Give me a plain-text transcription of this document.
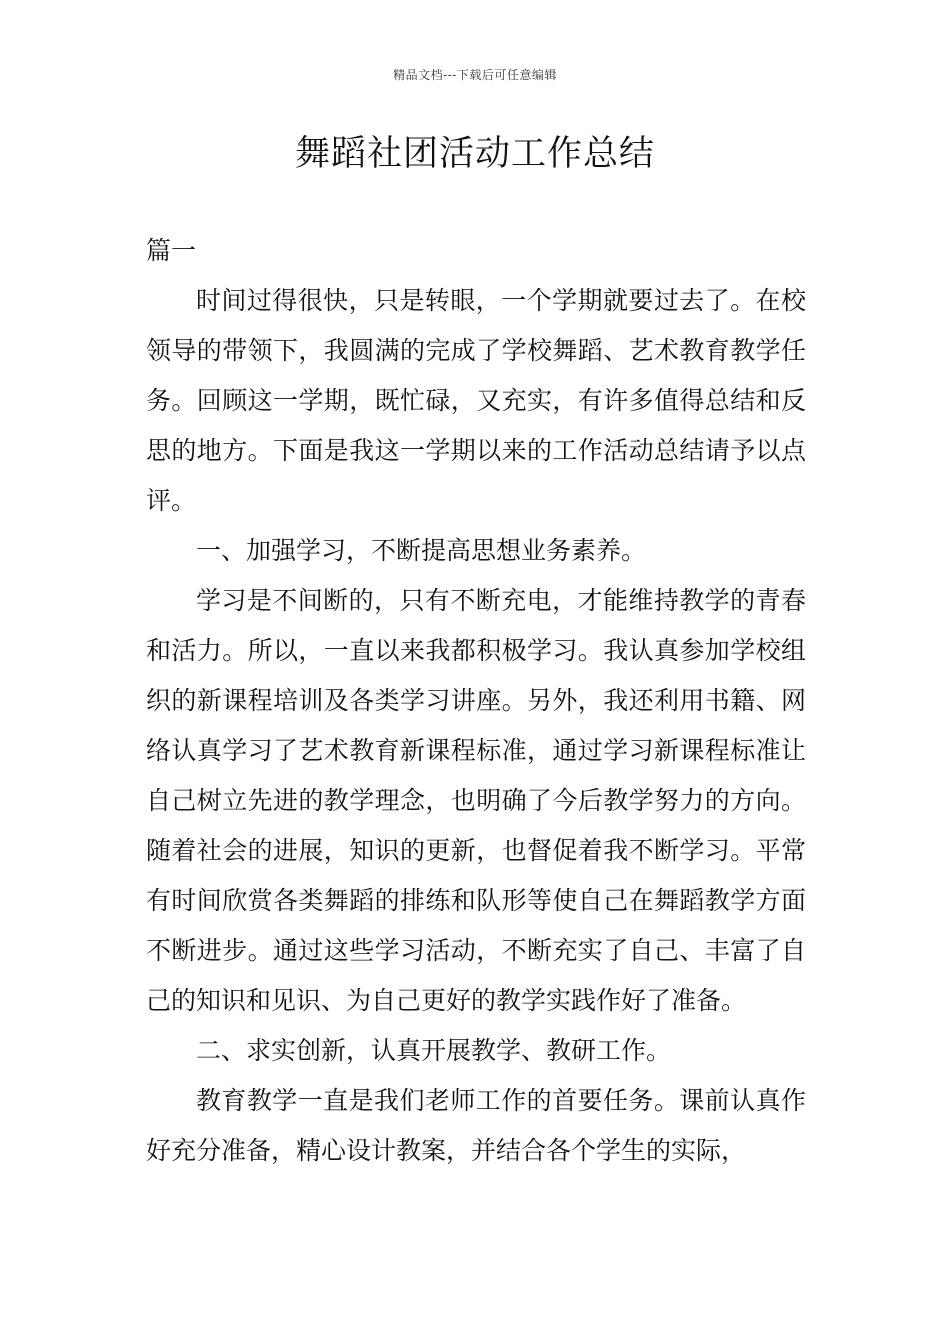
精品文档---下载后可任意编辑
舞蹈社团活动工作总结

篇一

时间过得很快，只是转眼，一个学期就要过去了。在校领导的带领下，我圆满的完成了学校舞蹈、艺术教育教学任务。回顾这一学期，既忙碌，又充实，有许多值得总结和反思的地方。下面是我这一学期以来的工作活动总结请予以点评。

一、加强学习，不断提高思想业务素养。

学习是不间断的，只有不断充电，才能维持教学的青春和活力。所以，一直以来我都积极学习。我认真参加学校组织的新课程培训及各类学习讲座。另外，我还利用书籍、网络认真学习了艺术教育新课程标准，通过学习新课程标准让自己树立先进的教学理念，也明确了今后教学努力的方向。随着社会的进展，知识的更新，也督促着我不断学习。平常有时间欣赏各类舞蹈的排练和队形等使自己在舞蹈教学方面不断进步。通过这些学习活动，不断充实了自己、丰富了自己的知识和见识、为自己更好的教学实践作好了准备。

二、求实创新，认真开展教学、教研工作。

教育教学一直是我们老师工作的首要任务。课前认真作好充分准备，精心设计教案，并结合各个学生的实际，
